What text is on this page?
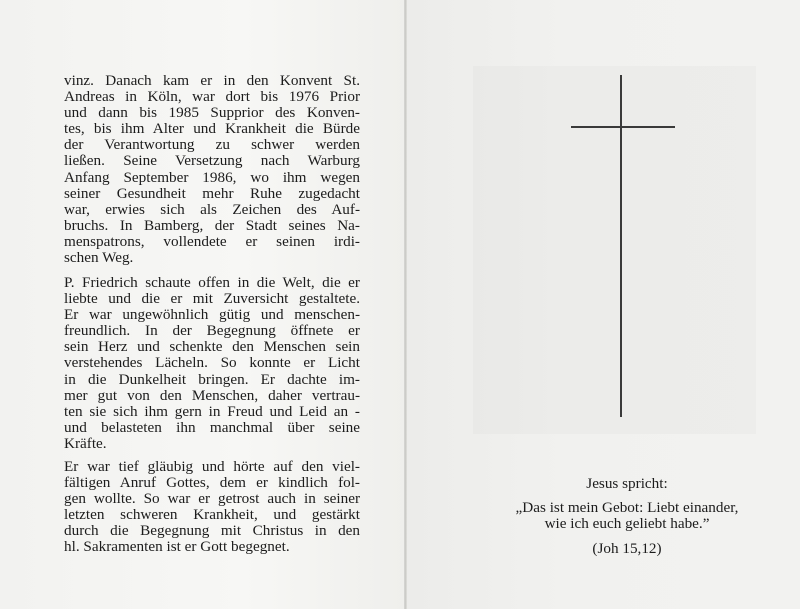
vinz. Danach kam er in den Konvent St.
Andreas in Köln, war dort bis 1976 Prior
und dann bis 1985 Supprior des Konven-
tes, bis ihm Alter und Krankheit die Bürde
der Verantwortung zu schwer werden
ließen. Seine Versetzung nach Warburg
Anfang September 1986, wo ihm wegen
seiner Gesundheit mehr Ruhe zugedacht
war, erwies sich als Zeichen des Auf-
bruchs. In Bamberg, der Stadt seines Na-
menspatrons, vollendete er seinen irdi-
schen Weg.

P. Friedrich schaute offen in die Welt, die er
liebte und die er mit Zuversicht gestaltete.
Er war ungewöhnlich gütig und menschen-
freundlich. In der Begegnung öffnete er
sein Herz und schenkte den Menschen sein
verstehendes Lächeln. So konnte er Licht
in die Dunkelheit bringen. Er dachte im-
mer gut von den Menschen, daher vertrau-
ten sie sich ihm gern in Freud und Leid an -
und belasteten ihn manchmal über seine
Kräfte.

Er war tief gläubig und hörte auf den viel-
fältigen Anruf Gottes, dem er kindlich fol-
gen wollte. So war er getrost auch in seiner
letzten schweren Krankheit, und gestärkt
durch die Begegnung mit Christus in den
hl. Sakramenten ist er Gott begegnet.

Jesus spricht:

„Das ist mein Gebot: Liebt einander,

wie ich euch geliebt habe.”

(Joh 15,12)
